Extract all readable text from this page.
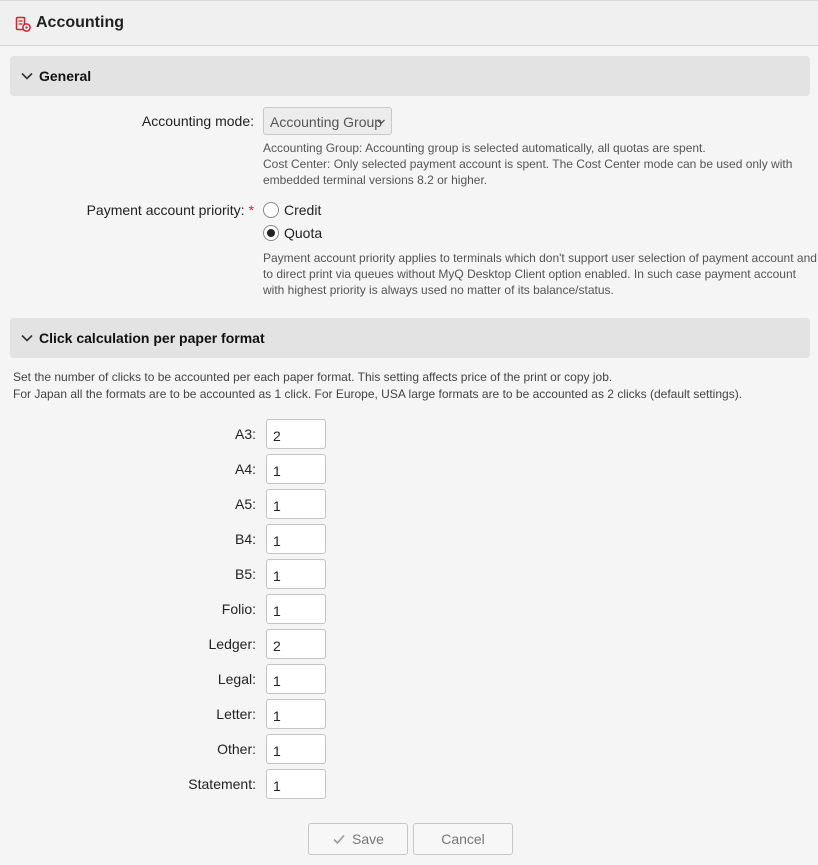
Accounting
General
Accounting mode:	Accounting Group
Accounting Group: Accounting group is selected automatically, all quotas are spent.
Cost Center: Only selected payment account is spent. The Cost Center mode can be used only with
embedded terminal versions 8.2 or higher.
Payment account priority: * Credit
Quota
Payment account priority applies to terminals which don't support user selection of payment account and
to direct print via queues without MyQ Desktop Client option enabled. In such case payment account
with highest priority is always used no matter of its balance/status.
Click calculation per paper format
Set the number of clicks to be accounted per each paper format. This setting affects price of the print or copy job.
For Japan all the formats are to be accounted as 1 click. For Europe, USA large formats are to be accounted as 2 clicks (default settings).
A3:	2
A4:	1
A5:	1
B4:	1
B5:	1
Folio:	1
Ledger:	2
Legal:	1
Letter:	1
Other:	1
Statement:	1
Save	Cancel
